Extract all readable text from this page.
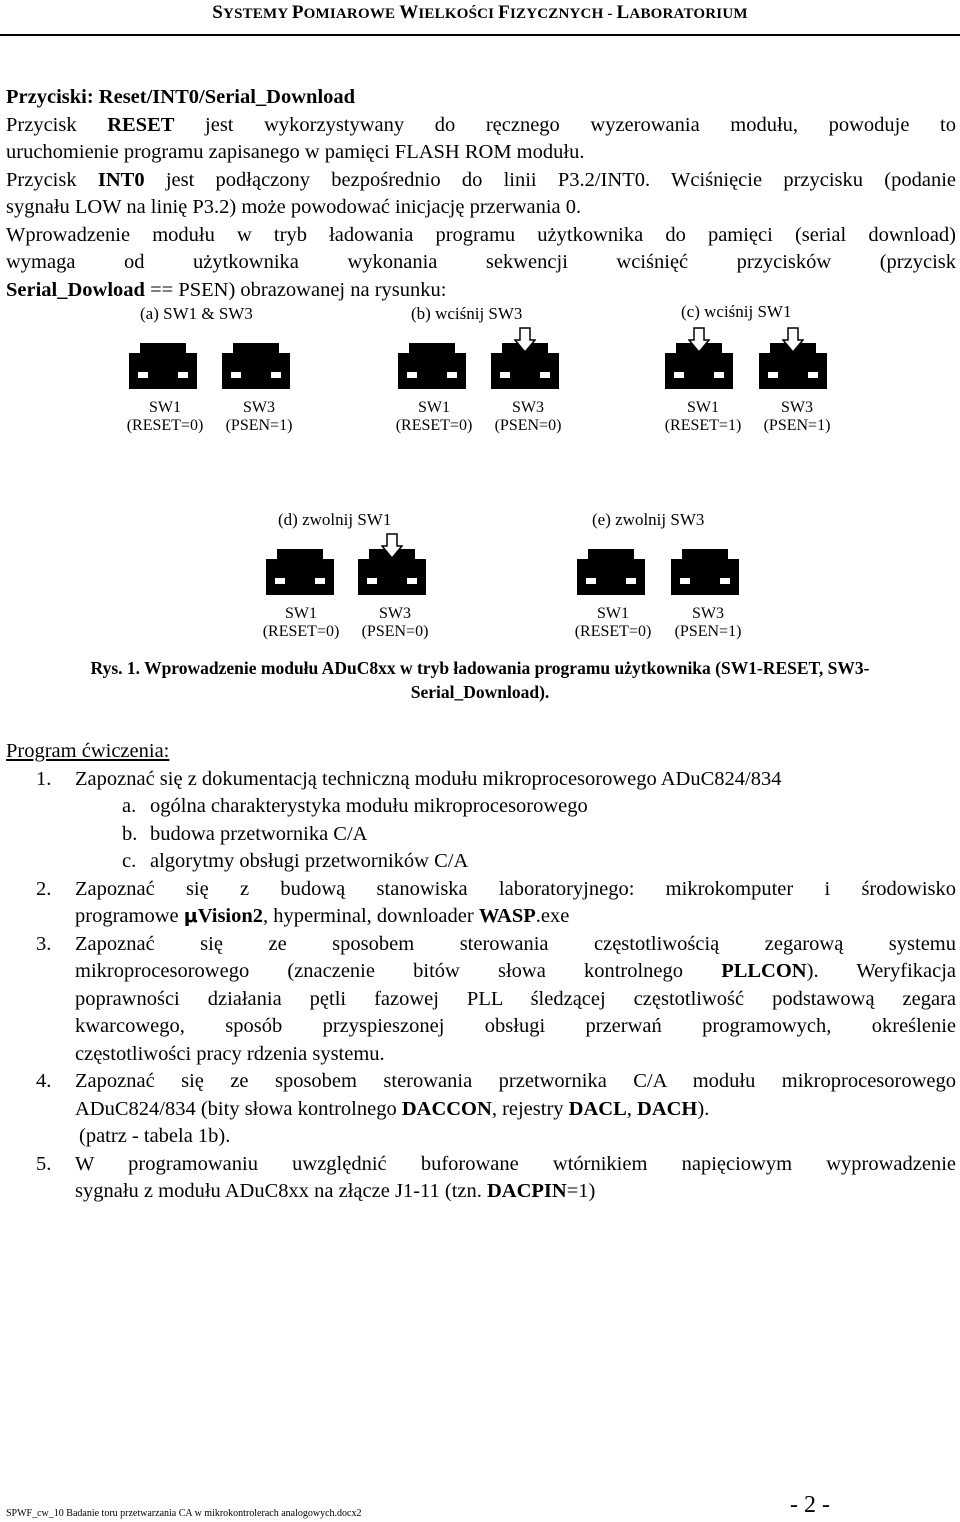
SYSTEMY POMIAROWE WIELKOŚCI FIZYCZNYCH - LABORATORIUM
Przyciski: Reset/INT0/Serial_Download
Przycisk RESET jest wykorzystywany do ręcznego wyzerowania modułu, powoduje to
uruchomienie programu zapisanego w pamięci FLASH ROM modułu.
Przycisk INT0 jest podłączony bezpośrednio do linii P3.2/INT0. Wciśnięcie przycisku (podanie
sygnału LOW na linię P3.2) może powodować inicjację przerwania 0.
Wprowadzenie modułu w tryb ładowania programu użytkownika do pamięci (serial download)
wymaga od użytkownika wykonania sekwencji wciśnięć przycisków (przycisk
Serial_Dowload == PSEN) obrazowanej na rysunku:
(a) SW1 & SW3	(b) wciśnij SW3	(c) wciśnij SW1
SW1
(RESET=0)
SW3
(PSEN=1)
SW1
(RESET=0)
SW3
(PSEN=0)
SW1
(RESET=1)
SW3
(PSEN=1)
(d) zwolnij SW1	(e) zwolnij SW3
SW1
(RESET=0)
SW3
(PSEN=0)
SW1
(RESET=0)
SW3
(PSEN=1)
Rys. 1. Wprowadzenie modułu ADuC8xx w tryb ładowania programu użytkownika (SW1-RESET, SW3-
Serial_Download).
Program ćwiczenia:
1. Zapoznać się z dokumentacją techniczną modułu mikroprocesorowego ADuC824/834
a. ogólna charakterystyka modułu mikroprocesorowego
b. budowa przetwornika C/A
c. algorytmy obsługi przetworników C/A
2. Zapoznać się z budową stanowiska laboratoryjnego: mikrokomputer i środowisko
programowe μVision2, hyperminal, downloader WASP.exe
3. Zapoznać się ze sposobem sterowania częstotliwością zegarową systemu
mikroprocesorowego (znaczenie bitów słowa kontrolnego PLLCON). Weryfikacja
poprawności działania pętli fazowej PLL śledzącej częstotliwość podstawową zegara
kwarcowego, sposób przyspieszonej obsługi przerwań programowych, określenie
częstotliwości pracy rdzenia systemu.
4. Zapoznać się ze sposobem sterowania przetwornika C/A modułu mikroprocesorowego
ADuC824/834 (bity słowa kontrolnego DACCON, rejestry DACL, DACH).
(patrz - tabela 1b).
5. W programowaniu uwzględnić buforowane wtórnikiem napięciowym wyprowadzenie
sygnału z modułu ADuC8xx na złącze J1-11 (tzn. DACPIN=1)
SPWF_cw_10 Badanie toru przetwarzania CA w mikrokontrolerach analogowych.docx2	- 2 -
